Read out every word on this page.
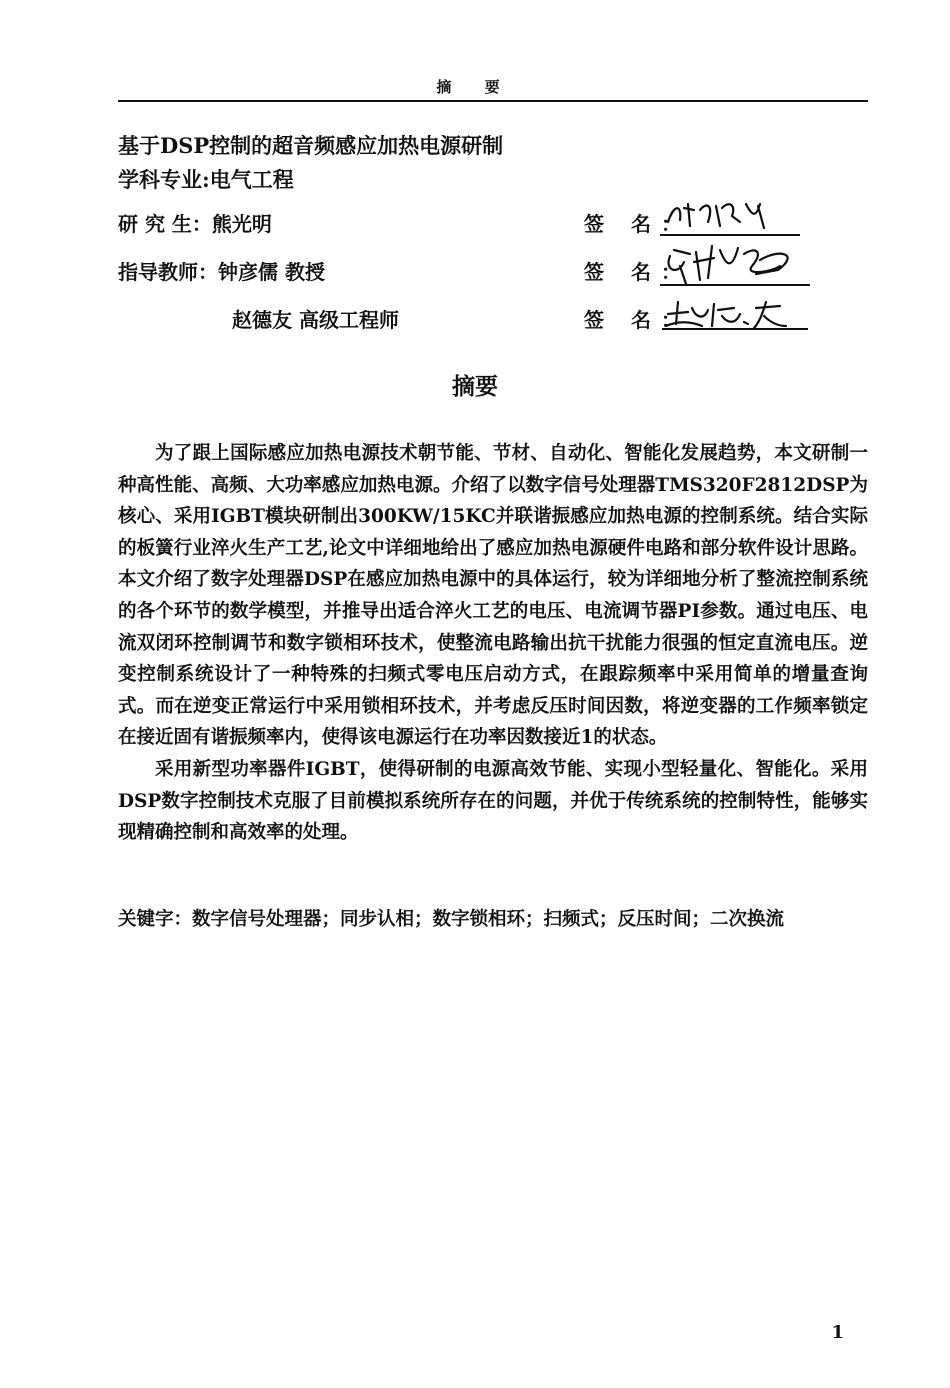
摘 要
基于DSP控制的超音频感应加热电源研制
学科专业:电气工程
研 究 生：熊光明
指导教师：钟彦儒 教授
赵德友 高级工程师
签 名：
签 名：
签 名：
摘要

为了跟上国际感应加热电源技术朝节能、节材、自动化、智能化发展趋势，本文研制一种高性能、高频、大功率感应加热电源。介绍了以数字信号处理器TMS320F2812DSP为核心、采用IGBT模块研制出300KW/15KC并联谐振感应加热电源的控制系统。结合实际的板簧行业淬火生产工艺,论文中详细地给出了感应加热电源硬件电路和部分软件设计思路。本文介绍了数字处理器DSP在感应加热电源中的具体运行，较为详细地分析了整流控制系统的各个环节的数学模型，并推导出适合淬火工艺的电压、电流调节器PI参数。通过电压、电流双闭环控制调节和数字锁相环技术，使整流电路输出抗干扰能力很强的恒定直流电压。逆变控制系统设计了一种特殊的扫频式零电压启动方式，在跟踪频率中采用简单的增量查询式。而在逆变正常运行中采用锁相环技术，并考虑反压时间因数，将逆变器的工作频率锁定在接近固有谐振频率内，使得该电源运行在功率因数接近1的状态。

采用新型功率器件IGBT，使得研制的电源高效节能、实现小型轻量化、智能化。采用DSP数字控制技术克服了目前模拟系统所存在的问题，并优于传统系统的控制特性，能够实现精确控制和高效率的处理。

关键字：数字信号处理器；同步认相；数字锁相环；扫频式；反压时间；二次换流
1
